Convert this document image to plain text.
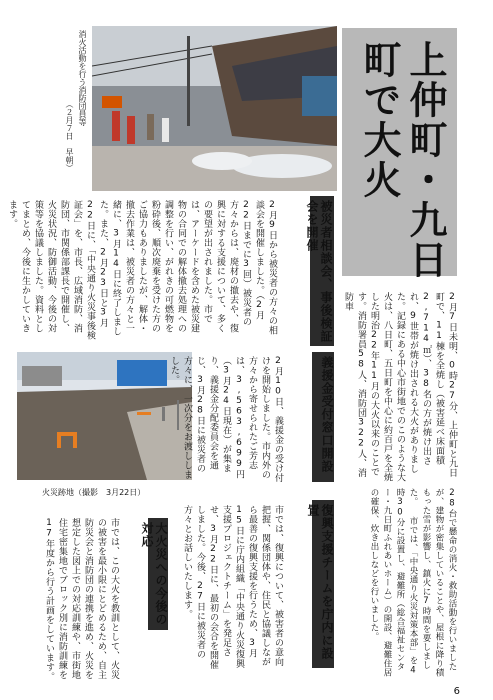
消火活動を行う消防団員等
（２月７日　早朝）	上仲町・九日町で大火
2月7日未明、0時27分、上仲町と九日町で、11棟を全焼し（被害延べ床面積2,714㎡）、38名の方が焼け出され、9世帯が焼け出される大火がありました。記録にある中心市街地でのこのような大火は、八日町、五日町を中心に約百戸を全焼した明治22年11月の大火以来のことです。消防署員58人、消防団322人、消防車
28台で懸命の消火・救助活動を行いましたが、建物が密集していることや、屋根に降り積もった雪が影響し、鎮火に7時間を要しました。 市では、「中央通り火災対策本部」を4時30分に設置し、避難所（総合福祉センター・九日町ふれあいホーム）の開設、避難住居の確保、炊き出しなどを行いました。
被災者相談会、事後検証会を開催
2月9日から被災者の方々の相談会を開催しました。（2月22日までに3回）被災者の方々からは、廃材の撤去や、復興に対する支援について、多くの要望が出されました。市では、アーケードを含めた被災建物の合同での解体撤去処理への調整を行い、がれきの可燃物を粉砕後、順次廃棄を受けた方のご協力もありましたが、解体・撤去作業は、被災者の方々と一緒に、3月14日に終了しました。また、2月23日と3月22日に、「中央通り火災事後検証会」を、市長、広域消防、消防団、市関係部課長で開催し、火災状況、防御活動、今後の対策等を協議しました。資料としてまとめ、今後に生かしていきます。
火災跡地（撮影　3月22日）
義援金受付窓口開設
2月10日、義援金の受け付けを開始しました。市内外の方々から寄せられたご芳志は、3,563,699円（3月24日現在）が集まり、義援金分配委員会を通じ、3月28日に被災者の方々に、一次分をお渡ししました。
復興支援チームを庁内に設置
市では、復興について、被害者の意向把握、関係団体や、住民と協議しながら最善の復興支援を行うため、3月15日に庁内組織「中央通り火災復興支援プロジェクトチーム」を発足させ、3月22日に、最初の会合を開催しました。今後、27日に被災者の方々とお話しいたします。
大火災への今後の対応
市では、この大火を教訓として、火災の被害を最小限にとどめるため、自主防災会と消防団の連携を進め、火災を想定した図上での対応訓練や、市街地住宅密集地でブロック別に消防訓練を17年度から行う計画をしています。
6
